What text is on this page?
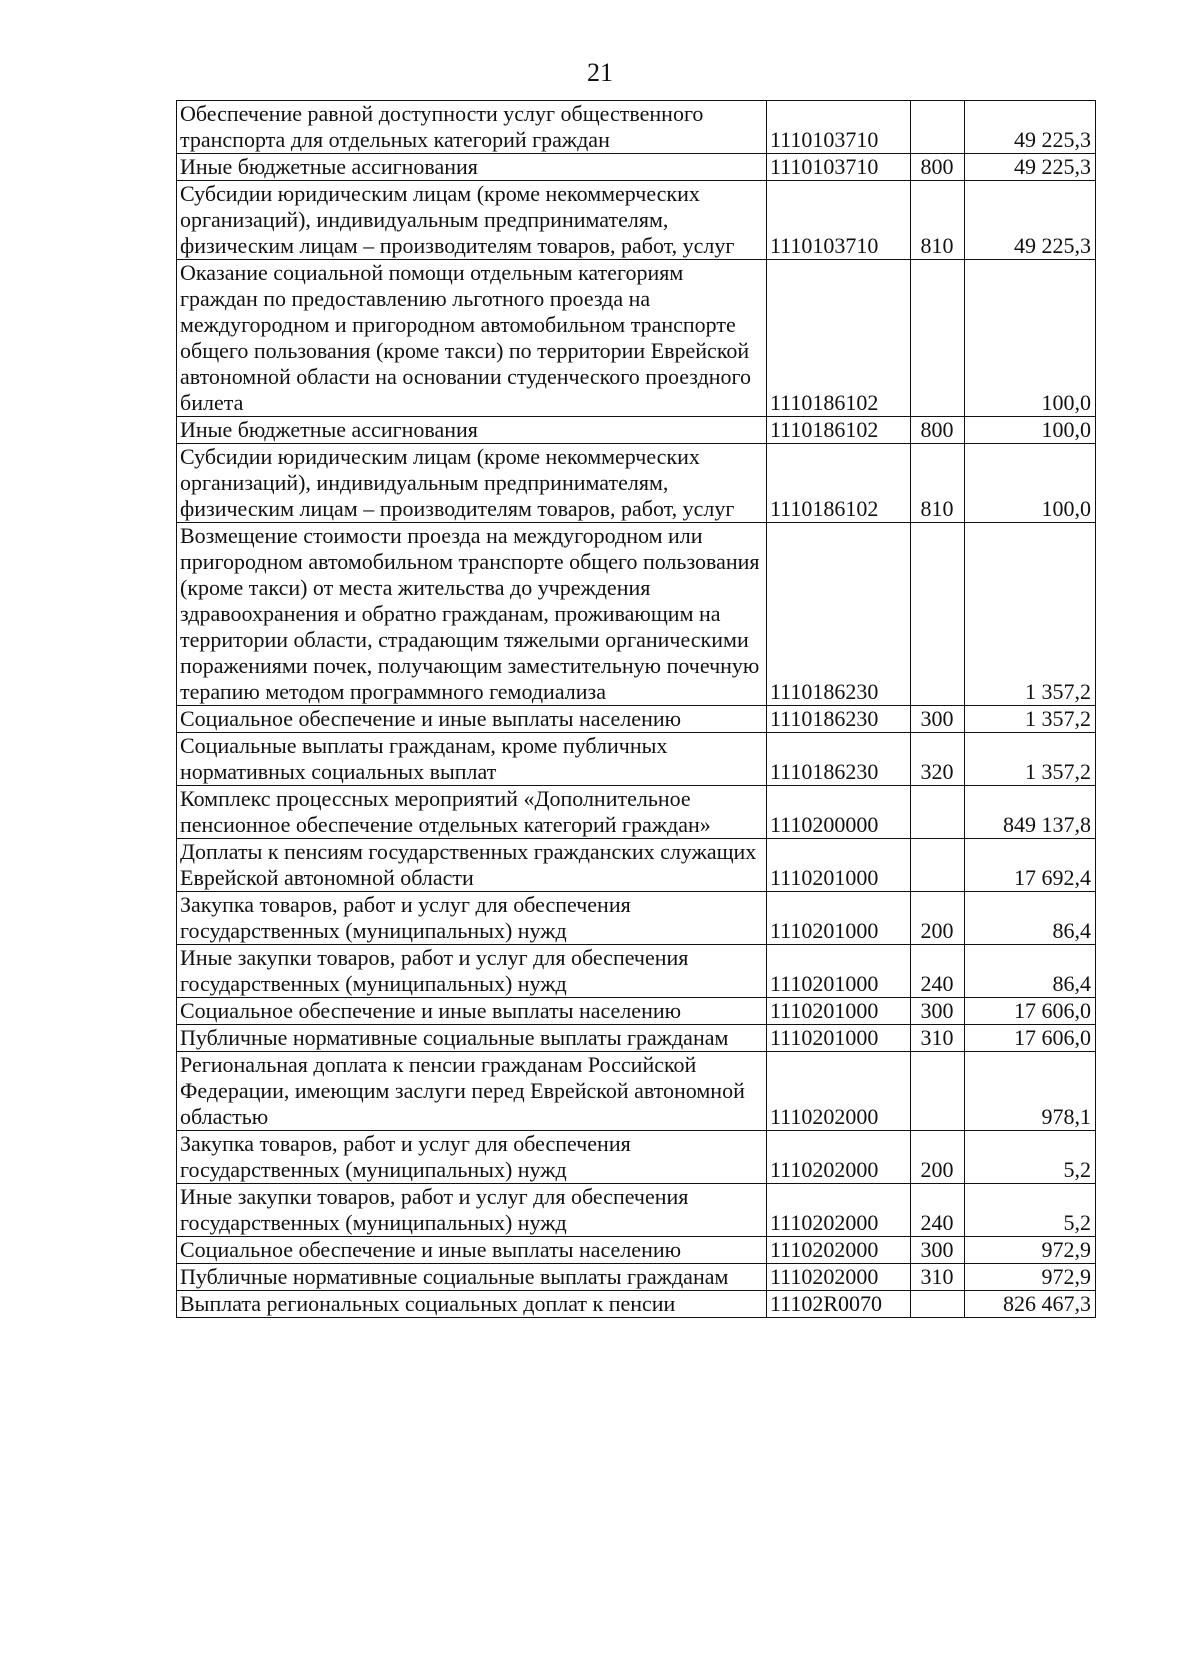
21
Обеспечение равной доступности услуг общественного транспорта для отдельных категорий граждан	1110103710		49 225,3
Иные бюджетные ассигнования	1110103710	800	49 225,3
Субсидии юридическим лицам (кроме некоммерческих организаций), индивидуальным предпринимателям, физическим лицам – производителям товаров, работ, услуг	1110103710	810	49 225,3
Оказание социальной помощи отдельным категориям граждан по предоставлению льготного проезда на междугородном и пригородном автомобильном транспорте общего пользования (кроме такси) по территории Еврейской автономной области на основании студенческого проездного билета	1110186102		100,0
Иные бюджетные ассигнования	1110186102	800	100,0
Субсидии юридическим лицам (кроме некоммерческих организаций), индивидуальным предпринимателям, физическим лицам – производителям товаров, работ, услуг	1110186102	810	100,0
Возмещение стоимости проезда на междугородном или пригородном автомобильном транспорте общего пользования (кроме такси) от места жительства до учреждения здравоохранения и обратно гражданам, проживающим на территории области, страдающим тяжелыми органическими поражениями почек, получающим заместительную почечную терапию методом программного гемодиализа	1110186230		1 357,2
Социальное обеспечение и иные выплаты населению	1110186230	300	1 357,2
Социальные выплаты гражданам, кроме публичных нормативных социальных выплат	1110186230	320	1 357,2
Комплекс процессных мероприятий «Дополнительное пенсионное обеспечение отдельных категорий граждан»	1110200000		849 137,8
Доплаты к пенсиям государственных гражданских служащих Еврейской автономной области	1110201000		17 692,4
Закупка товаров, работ и услуг для обеспечения государственных (муниципальных) нужд	1110201000	200	86,4
Иные закупки товаров, работ и услуг для обеспечения государственных (муниципальных) нужд	1110201000	240	86,4
Социальное обеспечение и иные выплаты населению	1110201000	300	17 606,0
Публичные нормативные социальные выплаты гражданам	1110201000	310	17 606,0
Региональная доплата к пенсии гражданам Российской Федерации, имеющим заслуги перед Еврейской автономной областью	1110202000		978,1
Закупка товаров, работ и услуг для обеспечения государственных (муниципальных) нужд	1110202000	200	5,2
Иные закупки товаров, работ и услуг для обеспечения государственных (муниципальных) нужд	1110202000	240	5,2
Социальное обеспечение и иные выплаты населению	1110202000	300	972,9
Публичные нормативные социальные выплаты гражданам	1110202000	310	972,9
Выплата региональных социальных доплат к пенсии	11102R0070		826 467,3
